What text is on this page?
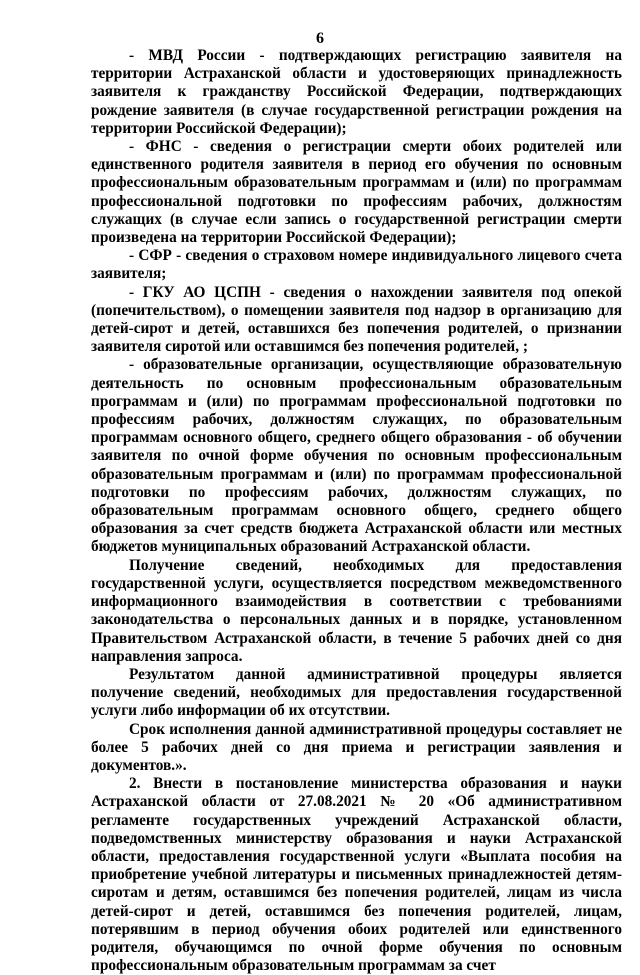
6

- МВД России - подтверждающих регистрацию заявителя на территории Астраханской области и удостоверяющих принадлежность заявителя к гражданству Российской Федерации, подтверждающих рождение заявителя (в случае государственной регистрации рождения на территории Российской Федерации);

- ФНС - сведения о регистрации смерти обоих родителей или единственного родителя заявителя в период его обучения по основным профессиональным образовательным программам и (или) по программам профессиональной подготовки по профессиям рабочих, должностям служащих (в случае если запись о государственной регистрации смерти произведена на территории Российской Федерации);

- СФР - сведения о страховом номере индивидуального лицевого счета заявителя;

- ГКУ АО ЦСПН - сведения о нахождении заявителя под опекой (попечительством), о помещении заявителя под надзор в организацию для детей-сирот и детей, оставшихся без попечения родителей, о признании заявителя сиротой или оставшимся без попечения родителей, ;

- образовательные организации, осуществляющие образовательную деятельность по основным профессиональным образовательным программам и (или) по программам профессиональной подготовки по профессиям рабочих, должностям служащих, по образовательным программам основного общего, среднего общего образования - об обучении заявителя по очной форме обучения по основным профессиональным образовательным программам и (или) по программам профессиональной подготовки по профессиям рабочих, должностям служащих, по образовательным программам основного общего, среднего общего образования за счет средств бюджета Астраханской области или местных бюджетов муниципальных образований Астраханской области.

Получение сведений, необходимых для предоставления государственной услуги, осуществляется посредством межведомственного информационного взаимодействия в соответствии с требованиями законодательства о персональных данных и в порядке, установленном Правительством Астраханской области, в течение 5 рабочих дней со дня направления запроса.

Результатом данной административной процедуры является получение сведений, необходимых для предоставления государственной услуги либо информации об их отсутствии.

Срок исполнения данной административной процедуры составляет не более 5 рабочих дней со дня приема и регистрации заявления и документов.».

2. Внести в постановление министерства образования и науки Астраханской области от 27.08.2021 № 20 «Об административном регламенте государственных учреждений Астраханской области, подведомственных министерству образования и науки Астраханской области, предоставления государственной услуги «Выплата пособия на приобретение учебной литературы и письменных принадлежностей детям-сиротам и детям, оставшимся без попечения родителей, лицам из числа детей-сирот и детей, оставшимся без попечения родителей, лицам, потерявшим в период обучения обоих родителей или единственного родителя, обучающимся по очной форме обучения по основным профессиональным образовательным программам за счет
